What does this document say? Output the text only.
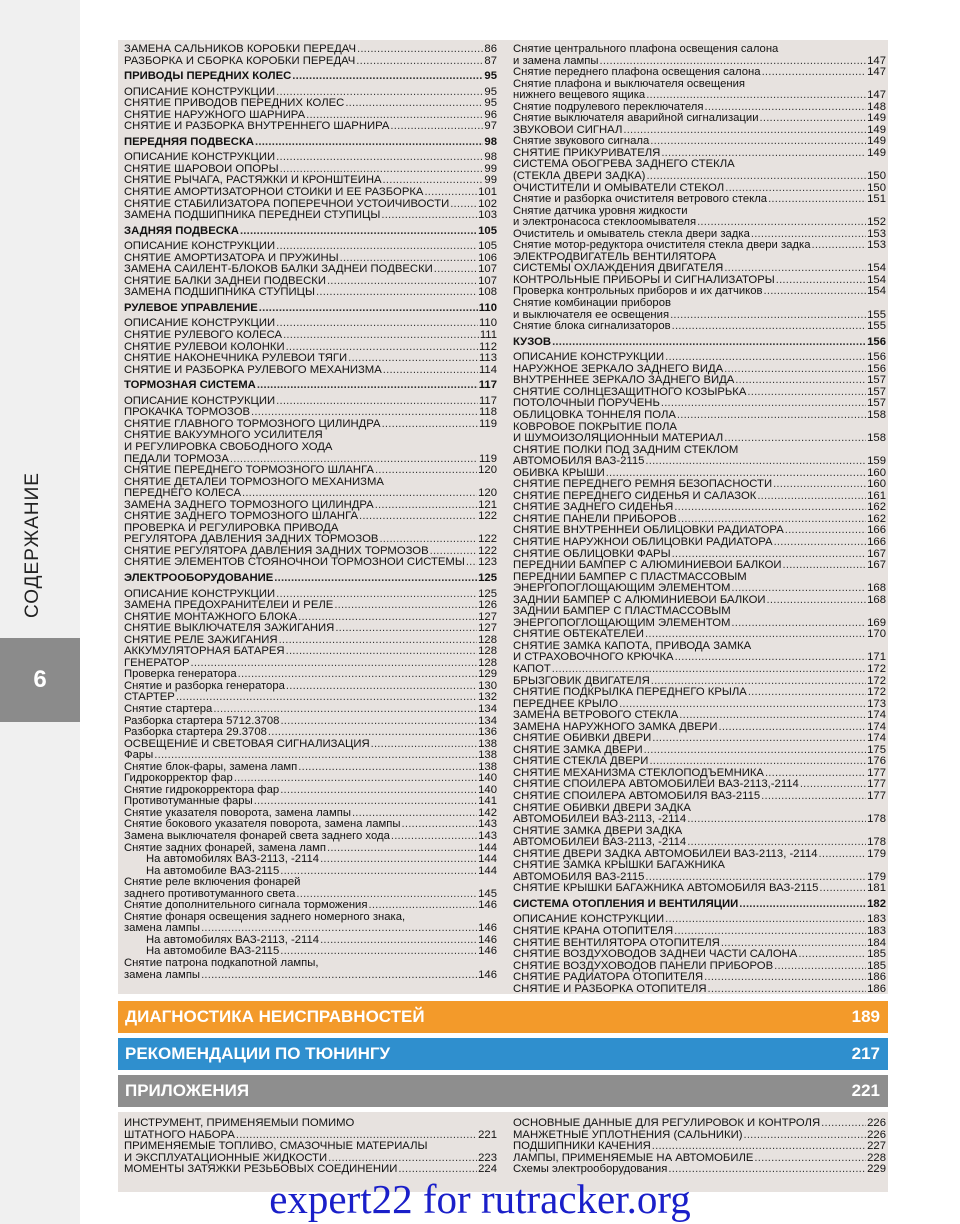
СОДЕРЖАНИЕ
6
ЗАМЕНА САЛЬНИКОВ КОРОБКИ ПЕРЕДАЧ .....	86
РАЗБОРКА И СБОРКА КОРОБКИ ПЕРЕДАЧ .....	87
ПРИВОДЫ ПЕРЕДНИХ КОЛЕС .....	95
ОПИСАНИЕ КОНСТРУКЦИИ .....	95
СНЯТИЕ ПРИВОДОВ ПЕРЕДНИХ КОЛЕС .....	95
СНЯТИЕ НАРУЖНОГО ШАРНИРА .....	96
СНЯТИЕ И РАЗБОРКА ВНУТРЕННЕГО ШАРНИРА .....	97
ПЕРЕДНЯЯ ПОДВЕСКА .....	98
ОПИСАНИЕ КОНСТРУКЦИИ .....	98
СНЯТИЕ ШАРОВОЙ ОПОРЫ .....	99
СНЯТИЕ РЫЧАГА, РАСТЯЖКИ И КРОНШТЕЙНА .....	99
СНЯТИЕ АМОРТИЗАТОРНОЙ СТОЙКИ И ЕЕ РАЗБОРКА .....	101
СНЯТИЕ СТАБИЛИЗАТОРА ПОПЕРЕЧНОЙ УСТОЙЧИВОСТИ .....	102
ЗАМЕНА ПОДШИПНИКА ПЕРЕДНЕЙ СТУПИЦЫ .....	103
ЗАДНЯЯ ПОДВЕСКА .....	105
ОПИСАНИЕ КОНСТРУКЦИИ .....	105
СНЯТИЕ АМОРТИЗАТОРА И ПРУЖИНЫ .....	106
ЗАМЕНА САЙЛЕНТ-БЛОКОВ БАЛКИ ЗАДНЕЙ ПОДВЕСКИ .....	107
СНЯТИЕ БАЛКИ ЗАДНЕЙ ПОДВЕСКИ .....	107
ЗАМЕНА ПОДШИПНИКА СТУПИЦЫ .....	108
РУЛЕВОЕ УПРАВЛЕНИЕ .....	110
ОПИСАНИЕ КОНСТРУКЦИИ .....	110
СНЯТИЕ РУЛЕВОГО КОЛЕСА .....	111
СНЯТИЕ РУЛЕВОЙ КОЛОНКИ .....	112
СНЯТИЕ НАКОНЕЧНИКА РУЛЕВОЙ ТЯГИ .....	113
СНЯТИЕ И РАЗБОРКА РУЛЕВОГО МЕХАНИЗМА .....	114
ТОРМОЗНАЯ СИСТЕМА .....	117
ОПИСАНИЕ КОНСТРУКЦИИ .....	117
ПРОКАЧКА ТОРМОЗОВ .....	118
СНЯТИЕ ГЛАВНОГО ТОРМОЗНОГО ЦИЛИНДРА .....	119
СНЯТИЕ ВАКУУМНОГО УСИЛИТЕЛЯ
И РЕГУЛИРОВКА СВОБОДНОГО ХОДА
ПЕДАЛИ ТОРМОЗА .....	119
СНЯТИЕ ПЕРЕДНЕГО ТОРМОЗНОГО ШЛАНГА .....	120
СНЯТИЕ ДЕТАЛЕЙ ТОРМОЗНОГО МЕХАНИЗМА
ПЕРЕДНЕГО КОЛЕСА .....	120
ЗАМЕНА ЗАДНЕГО ТОРМОЗНОГО ЦИЛИНДРА .....	121
СНЯТИЕ ЗАДНЕГО ТОРМОЗНОГО ШЛАНГА .....	122
ПРОВЕРКА И РЕГУЛИРОВКА ПРИВОДА
РЕГУЛЯТОРА ДАВЛЕНИЯ ЗАДНИХ ТОРМОЗОВ .....	122
СНЯТИЕ РЕГУЛЯТОРА ДАВЛЕНИЯ ЗАДНИХ ТОРМОЗОВ .....	122
СНЯТИЕ ЭЛЕМЕНТОВ СТОЯНОЧНОЙ ТОРМОЗНОЙ СИСТЕМЫ ..... 123
ЭЛЕКТРООБОРУДОВАНИЕ .....	125
ОПИСАНИЕ КОНСТРУКЦИИ .....	125
ЗАМЕНА ПРЕДОХРАНИТЕЛЕЙ И РЕЛЕ .....	126
СНЯТИЕ МОНТАЖНОГО БЛОКА .....	127
СНЯТИЕ ВЫКЛЮЧАТЕЛЯ ЗАЖИГАНИЯ .....	127
СНЯТИЕ РЕЛЕ ЗАЖИГАНИЯ .....	128
АККУМУЛЯТОРНАЯ БАТАРЕЯ .....	128
ГЕНЕРАТОР .....	128
Проверка генератора .....	129
Снятие и разборка генератора .....	130
СТАРТЕР .....	132
Снятие стартера .....	134
Разборка стартера 5712.3708 .....	134
Разборка стартера 29.3708 .....	136
ОСВЕЩЕНИЕ И СВЕТОВАЯ СИГНАЛИЗАЦИЯ .....	138
Фары .....	138
Снятие блок-фары, замена ламп .....	138
Гидрокорректор фар .....	140
Снятие гидрокорректора фар .....	140
Противотуманные фары .....	141
Снятие указателя поворота, замена лампы .....	142
Снятие бокового указателя поворота, замена лампы .....	143
Замена выключателя фонарей света заднего хода .....	143
Снятие задних фонарей, замена ламп .....	144
На автомобилях ВАЗ-2113, -2114 .....	144
На автомобиле ВАЗ-2115 .....	144
Снятие реле включения фонарей
заднего противотуманного света .....	145
Снятие дополнительного сигнала торможения .....	146
Снятие фонаря освещения заднего номерного знака,
замена лампы .....	146
На автомобилях ВАЗ-2113, -2114 .....	146
На автомобиле ВАЗ-2115 .....	146
Снятие патрона подкапотной лампы,
замена лампы .....	146
Снятие центрального плафона освещения салона
и замена лампы .....	147
Снятие переднего плафона освещения салона .....	147
Снятие плафона и выключателя освещения
нижнего вещевого ящика .....	147
Снятие подрулевого переключателя .....	148
Снятие выключателя аварийной сигнализации .....	149
ЗВУКОВОЙ СИГНАЛ .....	149
Снятие звукового сигнала .....	149
СНЯТИЕ ПРИКУРИВАТЕЛЯ .....	149
СИСТЕМА ОБОГРЕВА ЗАДНЕГО СТЕКЛА
(СТЕКЛА ДВЕРИ ЗАДКА) .....	150
ОЧИСТИТЕЛИ И ОМЫВАТЕЛИ СТЕКОЛ .....	150
Снятие и разборка очистителя ветрового стекла .....	151
Снятие датчика уровня жидкости
и электронасоса стеклоомывателя .....	152
Очиститель и омыватель стекла двери задка .....	153
Снятие мотор-редуктора очистителя стекла двери задка .....	153
ЭЛЕКТРОДВИГАТЕЛЬ ВЕНТИЛЯТОРА
СИСТЕМЫ ОХЛАЖДЕНИЯ ДВИГАТЕЛЯ .....	154
КОНТРОЛЬНЫЕ ПРИБОРЫ И СИГНАЛИЗАТОРЫ .....	154
Проверка контрольных приборов и их датчиков .....	154
Снятие комбинации приборов
и выключателя ее освещения .....	155
Снятие блока сигнализаторов .....	155
КУЗОВ .....	156
ОПИСАНИЕ КОНСТРУКЦИИ .....	156
НАРУЖНОЕ ЗЕРКАЛО ЗАДНЕГО ВИДА .....	156
ВНУТРЕННЕЕ ЗЕРКАЛО ЗАДНЕГО ВИДА .....	157
СНЯТИЕ СОЛНЦЕЗАЩИТНОГО КОЗЫРЬКА .....	157
ПОТОЛОЧНЫЙ ПОРУЧЕНЬ .....	157
ОБЛИЦОВКА ТОННЕЛЯ ПОЛА .....	158
КОВРОВОЕ ПОКРЫТИЕ ПОЛА
И ШУМОИЗОЛЯЦИОННЫЙ МАТЕРИАЛ .....	158
СНЯТИЕ ПОЛКИ ПОД ЗАДНИМ СТЕКЛОМ
АВТОМОБИЛЯ ВАЗ-2115 .....	159
ОБИВКА КРЫШИ .....	160
СНЯТИЕ ПЕРЕДНЕГО РЕМНЯ БЕЗОПАСНОСТИ .....	160
СНЯТИЕ ПЕРЕДНЕГО СИДЕНЬЯ И САЛАЗОК .....	161
СНЯТИЕ ЗАДНЕГО СИДЕНЬЯ .....	162
СНЯТИЕ ПАНЕЛИ ПРИБОРОВ .....	162
СНЯТИЕ ВНУТРЕННЕЙ ОБЛИЦОВКИ РАДИАТОРА .....	166
СНЯТИЕ НАРУЖНОЙ ОБЛИЦОВКИ РАДИАТОРА .....	166
СНЯТИЕ ОБЛИЦОВКИ ФАРЫ .....	167
ПЕРЕДНИЙ БАМПЕР С АЛЮМИНИЕВОЙ БАЛКОЙ .....	167
ПЕРЕДНИЙ БАМПЕР С ПЛАСТМАССОВЫМ
ЭНЕРГОПОГЛОЩАЮЩИМ ЭЛЕМЕНТОМ .....	168
ЗАДНИЙ БАМПЕР С АЛЮМИНИЕВОЙ БАЛКОЙ .....	168
ЗАДНИЙ БАМПЕР С ПЛАСТМАССОВЫМ
ЭНЕРГОПОГЛОЩАЮЩИМ ЭЛЕМЕНТОМ .....	169
СНЯТИЕ ОБТЕКАТЕЛЕЙ .....	170
СНЯТИЕ ЗАМКА КАПОТА, ПРИВОДА ЗАМКА
И СТРАХОВОЧНОГО КРЮЧКА .....	171
КАПОТ .....	172
БРЫЗГОВИК ДВИГАТЕЛЯ .....	172
СНЯТИЕ ПОДКРЫЛКА ПЕРЕДНЕГО КРЫЛА .....	172
ПЕРЕДНЕЕ КРЫЛО .....	173
ЗАМЕНА ВЕТРОВОГО СТЕКЛА .....	174
ЗАМЕНА НАРУЖНОГО ЗАМКА ДВЕРИ .....	174
СНЯТИЕ ОБИВКИ ДВЕРИ .....	174
СНЯТИЕ ЗАМКА ДВЕРИ .....	175
СНЯТИЕ СТЕКЛА ДВЕРИ .....	176
СНЯТИЕ МЕХАНИЗМА СТЕКЛОПОДЪЕМНИКА .....	177
СНЯТИЕ СПОЙЛЕРА АВТОМОБИЛЕЙ ВАЗ-2113,-2114 .....	177
СНЯТИЕ СПОЙЛЕРА АВТОМОБИЛЯ ВАЗ-2115 .....	177
СНЯТИЕ ОБИВКИ ДВЕРИ ЗАДКА
АВТОМОБИЛЕЙ ВАЗ-2113, -2114 .....	178
СНЯТИЕ ЗАМКА ДВЕРИ ЗАДКА
АВТОМОБИЛЕЙ ВАЗ-2113, -2114 .....	178
СНЯТИЕ ДВЕРИ ЗАДКА АВТОМОБИЛЕЙ ВАЗ-2113, -2114 .....	179
СНЯТИЕ ЗАМКА КРЫШКИ БАГАЖНИКА
АВТОМОБИЛЯ ВАЗ-2115 .....	179
СНЯТИЕ КРЫШКИ БАГАЖНИКА АВТОМОБИЛЯ ВАЗ-2115 .....	181
СИСТЕМА ОТОПЛЕНИЯ И ВЕНТИЛЯЦИИ .....	182
ОПИСАНИЕ КОНСТРУКЦИИ .....	183
СНЯТИЕ КРАНА ОТОПИТЕЛЯ .....	183
СНЯТИЕ ВЕНТИЛЯТОРА ОТОПИТЕЛЯ .....	184
СНЯТИЕ ВОЗДУХОВОДОВ ЗАДНЕЙ ЧАСТИ САЛОНА .....	185
СНЯТИЕ ВОЗДУХОВОДОВ ПАНЕЛИ ПРИБОРОВ .....	185
СНЯТИЕ РАДИАТОРА ОТОПИТЕЛЯ .....	186
СНЯТИЕ И РАЗБОРКА ОТОПИТЕЛЯ .....	186
ДИАГНОСТИКА НЕИСПРАВНОСТЕЙ	189
РЕКОМЕНДАЦИИ ПО ТЮНИНГУ	217
ПРИЛОЖЕНИЯ	221
ИНСТРУМЕНТ, ПРИМЕНЯЕМЫЙ ПОМИМО
ШТАТНОГО НАБОРА .....	221
ПРИМЕНЯЕМЫЕ ТОПЛИВО, СМАЗОЧНЫЕ МАТЕРИАЛЫ
И ЭКСПЛУАТАЦИОННЫЕ ЖИДКОСТИ .....	223
МОМЕНТЫ ЗАТЯЖКИ РЕЗЬБОВЫХ СОЕДИНЕНИЙ .....	224
ОСНОВНЫЕ ДАННЫЕ ДЛЯ РЕГУЛИРОВОК И КОНТРОЛЯ .....	226
МАНЖЕТНЫЕ УПЛОТНЕНИЯ (САЛЬНИКИ) .....	226
ПОДШИПНИКИ КАЧЕНИЯ .....	227
ЛАМПЫ, ПРИМЕНЯЕМЫЕ НА АВТОМОБИЛЕ .....	228
Схемы электрооборудования .....	229
expert22 for rutracker.org
